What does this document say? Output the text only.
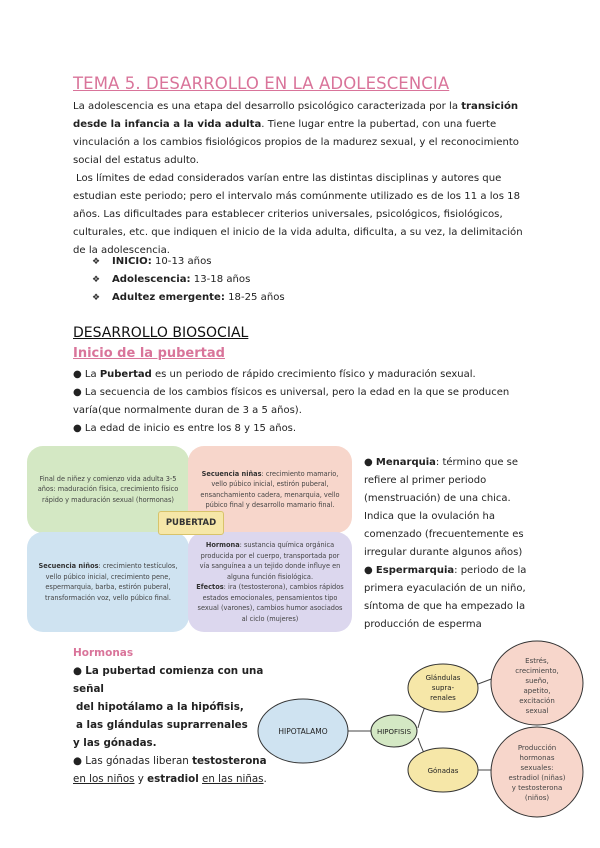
TEMA 5. DESARROLLO EN LA ADOLESCENCIA
La adolescencia es una etapa del desarrollo psicológico caracterizada por la transición desde la infancia a la vida adulta. Tiene lugar entre la pubertad, con una fuerte vinculación a los cambios fisiológicos propios de la madurez sexual, y el reconocimiento social del estatus adulto.
Los límites de edad considerados varían entre las distintas disciplinas y autores que estudian este periodo; pero el intervalo más comúnmente utilizado es de los 11 a los 18 años. Las dificultades para establecer criterios universales, psicológicos, fisiológicos, culturales, etc. que indiquen el inicio de la vida adulta, dificulta, a su vez, la delimitación de la adolescencia.
❖ INICIO: 10-13 años
❖ Adolescencia: 13-18 años
❖ Adultez emergente: 18-25 años
DESARROLLO BIOSOCIAL
Inicio de la pubertad
● La Pubertad es un periodo de rápido crecimiento físico y maduración sexual.
● La secuencia de los cambios físicos es universal, pero la edad en la que se producen varía(que normalmente duran de 3 a 5 años).
● La edad de inicio es entre los 8 y 15 años.
Final de niñez y comienzo vida adulta 3-5 años: maduración física, crecimiento físico rápido y maduración sexual (hormonas)
Secuencia niñas: crecimiento mamario, vello púbico inicial, estirón puberal, ensanchamiento cadera, menarquia, vello púbico final y desarrollo mamario final.
Secuencia niños: crecimiento testículos, vello púbico inicial, crecimiento pene, espermarquia, barba, estirón puberal, transformación voz, vello púbico final.
Hormona: sustancia química orgánica producida por el cuerpo, transportada por vía sanguínea a un tejido donde influye en alguna función fisiológica.
Efectos: ira (testosterona), cambios rápidos estados emocionales, pensamientos tipo sexual (varones), cambios humor asociados al ciclo (mujeres)
PUBERTAD
● Menarquia: término que se refiere al primer periodo (menstruación) de una chica. Indica que la ovulación ha comenzado (frecuentemente es irregular durante algunos años)
● Espermarquia: periodo de la primera eyaculación de un niño, síntoma de que ha empezado la producción de esperma
Hormonas
● La pubertad comienza con una señal
del hipotálamo a la hipófisis,
a las glándulas suprarrenales
y las gónadas.
● Las gónadas liberan testosterona
en los niños y estradiol en las niñas.
HIPOTALAMO	HIPOFISIS
Glándulas
supra-
renales
Gónadas
Estrés,
crecimiento,
sueño,
apetito,
excitación
sexual
Producción
hormonas
sexuales:
estradiol (niñas)
y testosterona
(niños)
